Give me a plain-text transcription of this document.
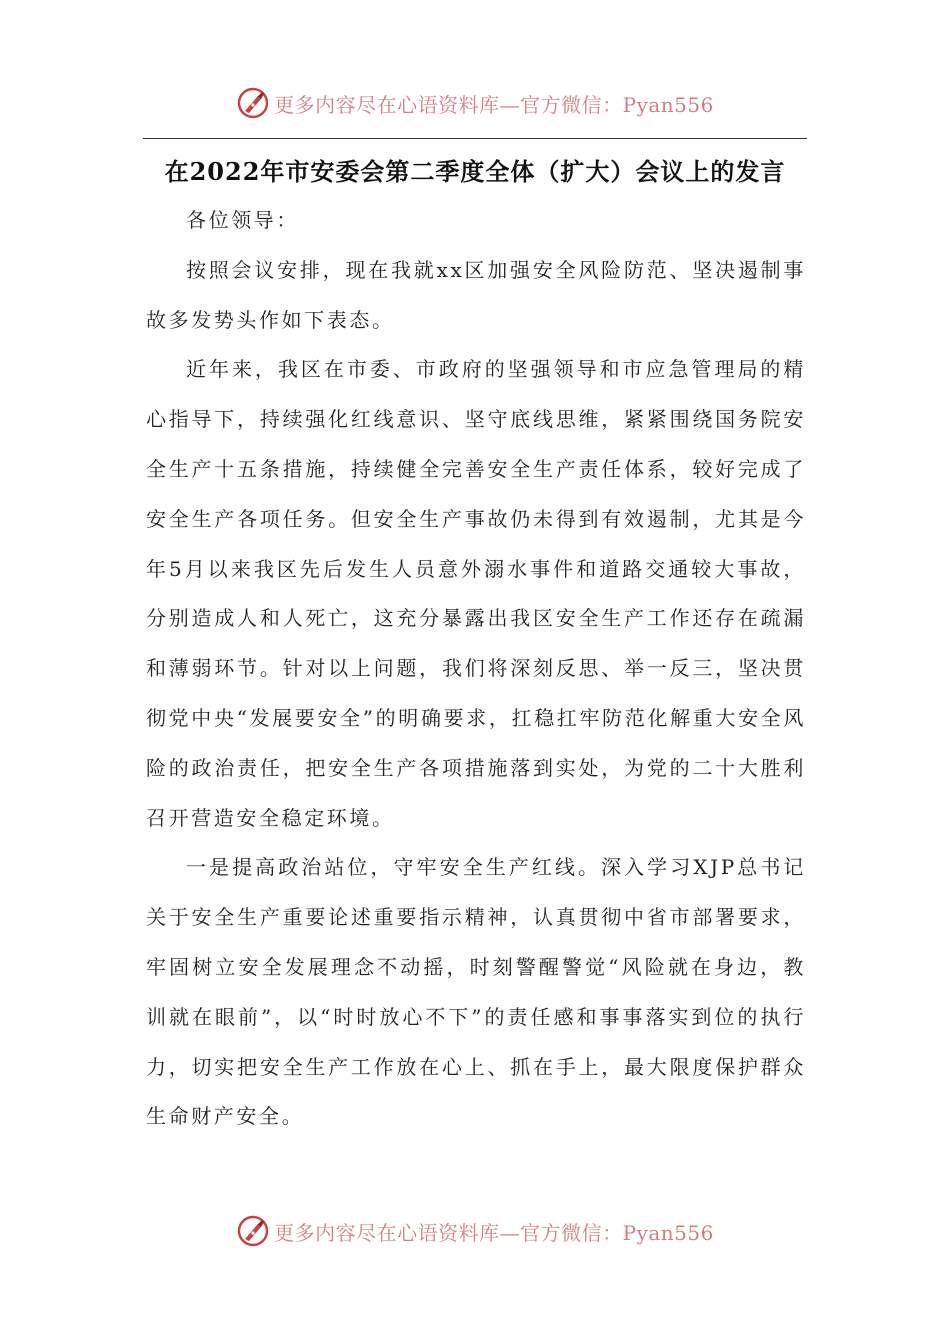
更多内容尽在心语资料库—官方微信：Pyan556
在2022年市安委会第二季度全体（扩大）会议上的发言

各位领导：

按照会议安排，现在我就xx区加强安全风险防范、坚决遏制事故多发势头作如下表态。

近年来，我区在市委、市政府的坚强领导和市应急管理局的精心指导下，持续强化红线意识、坚守底线思维，紧紧围绕国务院安全生产十五条措施，持续健全完善安全生产责任体系，较好完成了安全生产各项任务。但安全生产事故仍未得到有效遏制，尤其是今年5月以来我区先后发生人员意外溺水事件和道路交通较大事故，分别造成人和人死亡，这充分暴露出我区安全生产工作还存在疏漏和薄弱环节。针对以上问题，我们将深刻反思、举一反三，坚决贯彻党中央“发展要安全”的明确要求，扛稳扛牢防范化解重大安全风险的政治责任，把安全生产各项措施落到实处，为党的二十大胜利召开营造安全稳定环境。

一是提高政治站位，守牢安全生产红线。深入学习XJP总书记关于安全生产重要论述重要指示精神，认真贯彻中省市部署要求，牢固树立安全发展理念不动摇，时刻警醒警觉“风险就在身边，教训就在眼前”，以“时时放心不下”的责任感和事事落实到位的执行力，切实把安全生产工作放在心上、抓在手上，最大限度保护群众生命财产安全。

更多内容尽在心语资料库—官方微信：Pyan556
